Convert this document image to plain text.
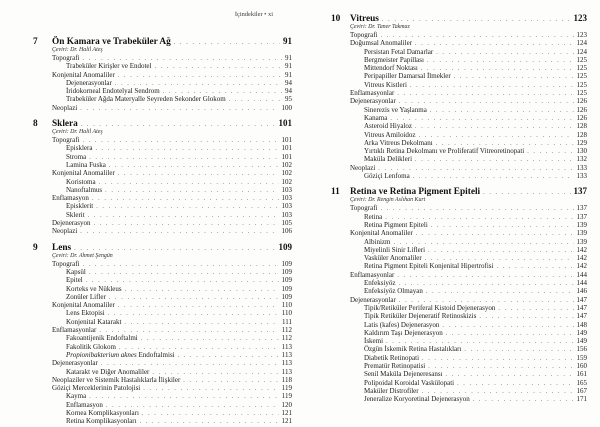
İçindekiler • xi
7	Ön Kamara ve Trabeküler Ağ . . .	91
Çeviri: Dr. Halil Ateş
Topografi . . .	91
Trabeküler Kirişler ve Endotel . . .	91
Konjenital Anomaliler . . .	91
Dejenerasyonlar . . .	94
İridokorneal Endotelyal Sendrom . . .	94
Trabeküler Ağda Materyalle Seyreden Sekonder Glokom . . .	95
Neoplazi . . .	100
8	Sklera . . .	101
Çeviri: Dr. Halil Ateş
Topografi . . .	101
Episklera . . .	101
Stroma . . .	101
Lamina Fuska . . .	102
Konjenital Anomaliler . . .	102
Koristoma . . .	102
Nanoftalmus . . .	103
Enflamasyon . . .	103
Episklerit . . .	103
Sklerit . . .	103
Dejenerasyon . . .	105
Neoplazi . . .	106
9	Lens . . .	109
Çeviri: Dr. Ahmet Şengün
Topografi . . .	109
Kapsül . . .	109
Epitel . . .	109
Korteks ve Nükleus . . .	109
Zonüler Lifler . . .	109
Konjenital Anomaliler . . .	110
Lens Ektopisi . . .	110
Konjenital Katarakt . . .	111
Enflamasyonlar . . .	112
Fakoantijenik Endoftalmi . . .	112
Fakolitik Glokom . . .	113
Propionibakterium aknes Endoftalmisi . . .	113
Dejenerasyonlar . . .	113
Katarakt ve Diğer Anomaliler . . .	113
Neoplaziler ve Sistemik Hastalıklarla İlişkiler . . .	118
Göziçi Merceklerinin Patolojisi . . .	119
Kayma . . .	119
Enflamasyon . . .	120
Kornea Komplikasyonları . . .	121
Retina Komplikasyonları . . .	121
10	Vitreus . . .	123
Çeviri: Dr. Taner Takmaz
Topografi . . .	123
Doğumsal Anomaliler . . .	124
Persistan Fetal Damarlar . . .	124
Bergmeister Papillası . . .	125
Mittendorf Noktası . . .	125
Peripapiller Damarsal İlmekler . . .	125
Vitreus Kistleri . . .	125
Enflamasyonlar . . .	125
Dejenerasyonlar . . .	126
Sinerezis ve Yaşlanma . . .	126
Kanama . . .	126
Asteroid Hiyaloz . . .	128
Vitreus Amiloidoz . . .	128
Arka Vitreus Dekolmanı . . .	129
Yırtıklı Retina Dekolmanı ve Proliferatif Vitreoretinopati . . .	130
Maküla Delikleri . . .	132
Neoplazi . . .	133
Göziçi Lenfoma . . .	133
11	Retina ve Retina Pigment Epiteli . . .	137
Çeviri: Dr. Rengin Aslıhan Kurt
Topografi . . .	137
Retina . . .	137
Retina Pigment Epiteli . . .	139
Konjenital Anomaliler . . .	139
Albinizm . . .	139
Miyelinli Sinir Lifleri . . .	142
Vasküler Anomaliler . . .	142
Retina Pigment Epiteli Konjenital Hipertrofisi . . .	142
Enflamasyonlar . . .	144
Enfeksiyöz . . .	144
Enfeksiyöz Olmayan . . .	146
Dejenerasyonlar . . .	147
Tipik/Retiküler Periferal Kistoid Dejenerasyon . . .	147
Tipik Retiküler Dejeneratif Retinoskizis . . .	147
Latis (kafes) Dejenerasyon . . .	148
Kaldırım Taşı Dejenerasyon . . .	149
İskemi . . .	149
Özgün İskemik Retina Hastalıkları . . .	156
Diabetik Retinopati . . .	159
Prematür Retinopatisi . . .	160
Senil Maküla Dejeneresansı . . .	161
Polipoidal Koroidal Vaskülopati . . .	165
Maküler Distrofiler . . .	167
Jeneralize Koryoretinal Dejenerasyon . . .	171
